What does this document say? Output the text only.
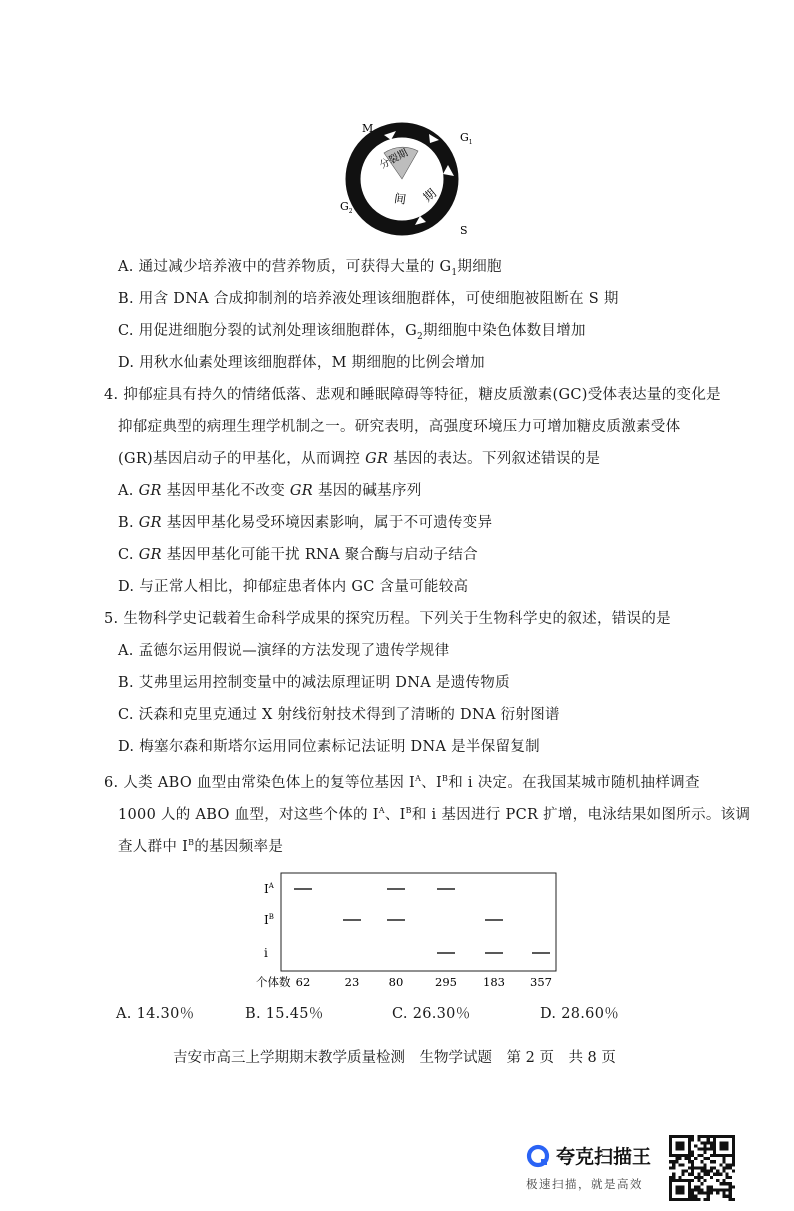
M
$G_1$
$G_2$
S
分裂期
间 期
A. 通过减少培养液中的营养物质，可获得大量的 $G_1$期细胞
B. 用含 DNA 合成抑制剂的培养液处理该细胞群体，可使细胞被阻断在 S 期
C. 用促进细胞分裂的试剂处理该细胞群体，$G_2$期细胞中染色体数目增加
D. 用秋水仙素处理该细胞群体，M 期细胞的比例会增加
4. 抑郁症具有持久的情绪低落、悲观和睡眠障碍等特征，糖皮质激素(GC)受体表达量的变化是
抑郁症典型的病理生理学机制之一。研究表明，高强度环境压力可增加糖皮质激素受体
(GR)基因启动子的甲基化，从而调控 GR 基因的表达。下列叙述错误的是
A. GR 基因甲基化不改变 GR 基因的碱基序列
B. GR 基因甲基化易受环境因素影响，属于不可遗传变异
C. GR 基因甲基化可能干扰 RNA 聚合酶与启动子结合
D. 与正常人相比，抑郁症患者体内 GC 含量可能较高
5. 生物科学史记载着生命科学成果的探究历程。下列关于生物科学史的叙述，错误的是
A. 孟德尔运用假说—演绎的方法发现了遗传学规律
B. 艾弗里运用控制变量中的减法原理证明 DNA 是遗传物质
C. 沃森和克里克通过 X 射线衍射技术得到了清晰的 DNA 衍射图谱
D. 梅塞尔森和斯塔尔运用同位素标记法证明 DNA 是半保留复制
6. 人类 ABO 血型由常染色体上的复等位基因 $I^A$、$I^B$和 i 决定。在我国某城市随机抽样调查
1000 人的 ABO 血型，对这些个体的 $I^A$、$I^B$和 i 基因进行 PCR 扩增，电泳结果如图所示。该调
查人群中 $I^B$的基因频率是
$I^A$
$I^B$
i
62	23	80	295 183 357
个体数
A. 14.30％	B. 15.45％	C. 26.30％	D. 28.60％
吉安市高三上学期期末教学质量检测　生物学试题　第 2 页　共 8 页
夸克扫描王
极速扫描，就是高效
